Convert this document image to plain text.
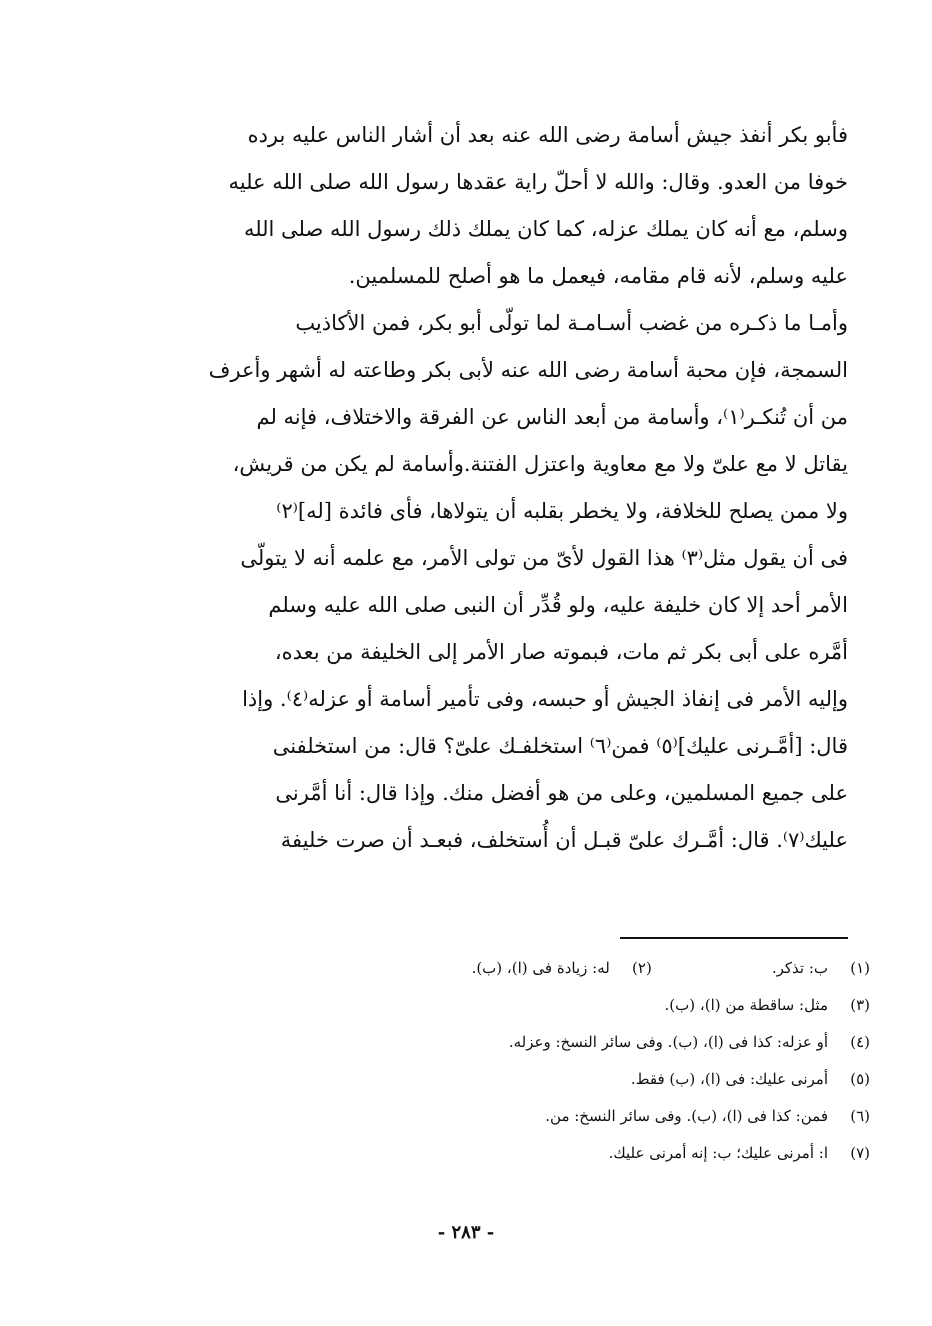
فأبو بكر أنفذ جيش أسامة رضى الله عنه بعد أن أشار الناس عليه برده
خوفا من العدو. وقال: والله لا أحلّ راية عقدها رسول الله صلى الله عليه
وسلم، مع أنه كان يملك عزله، كما كان يملك ذلك رسول الله صلى الله
عليه وسلم، لأنه قام مقامه، فيعمل ما هو أصلح للمسلمين.
وأمـا ما ذكـره من غضب أسـامـة لما تولّى أبو بكر، فمن الأكاذيب
السمجة، فإن محبة أسامة رضى الله عنه لأبى بكر وطاعته له أشهر وأعرف
من أن تُنكـر⁽١⁾، وأسامة من أبعد الناس عن الفرقة والاختلاف، فإنه لم
يقاتل لا مع علىّ ولا مع معاوية واعتزل الفتنة.وأسامة لم يكن من قريش،
ولا ممن يصلح للخلافة، ولا يخطر بقلبه أن يتولاها، فأى فائدة [له]⁽٢⁾
فى أن يقول مثل⁽٣⁾ هذا القول لأىّ من تولى الأمر، مع علمه أنه لا يتولّى
الأمر أحد إلا كان خليفة عليه، ولو قُدِّر أن النبى صلى الله عليه وسلم
أمَّره على أبى بكر ثم مات، فبموته صار الأمر إلى الخليفة من بعده،
وإليه الأمر فى إنفاذ الجيش أو حبسه، وفى تأمير أسامة أو عزله⁽٤⁾. وإذا
قال: [أمَّـرنى عليك]⁽٥⁾ فمن⁽٦⁾ استخلفـك علىّ؟ قال: من استخلفنى
على جميع المسلمين، وعلى من هو أفضل منك. وإذا قال: أنا أمَّرنى
عليك⁽٧⁾. قال: أمَّـرك علىّ قبـل أن أُستخلف، فبعـد أن صرت خليفة
(١)ب: تذكر.(٢)له: زيادة فى (ا)، (ب).
(٣)مثل: ساقطة من (ا)، (ب).
(٤)أو عزله: كذا فى (ا)، (ب). وفى سائر النسخ: وعزله.
(٥)أمرنى عليك: فى (ا)، (ب) فقط.
(٦)فمن: كذا فى (ا)، (ب). وفى سائر النسخ: من.
(٧)ا: أمرنى عليك؛ ب: إنه أمرنى عليك.
- ٢٨٣ -
